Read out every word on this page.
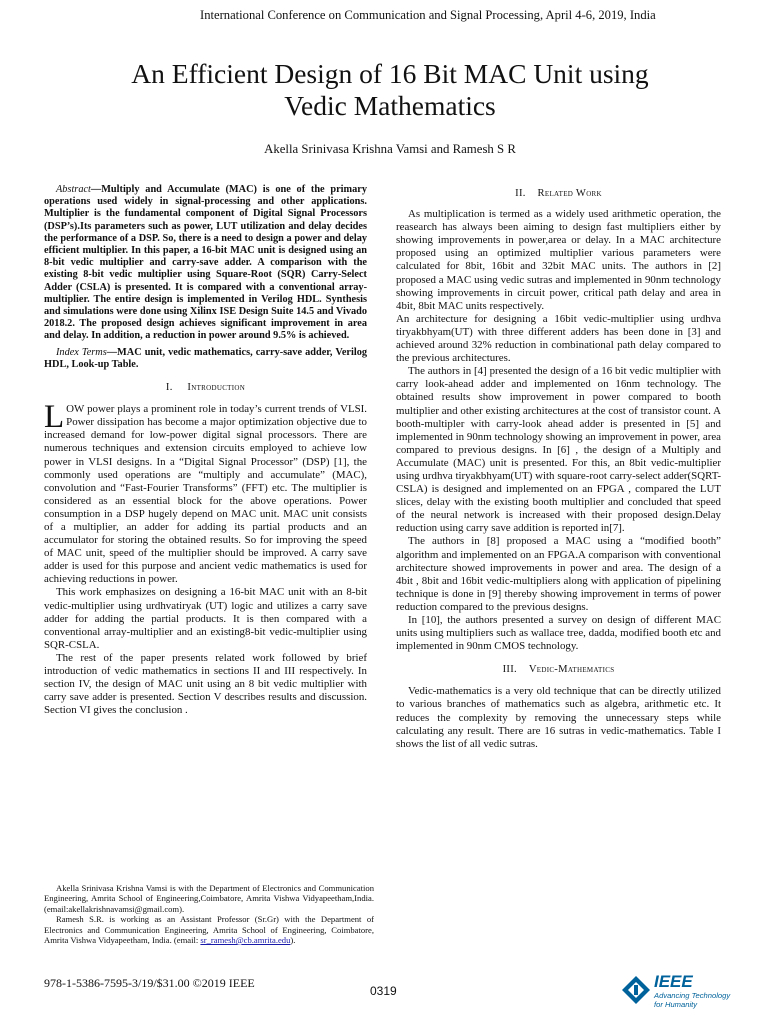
International Conference on Communication and Signal Processing, April 4-6, 2019, India
An Efficient Design of 16 Bit MAC Unit using
Vedic Mathematics
Akella Srinivasa Krishna Vamsi and Ramesh S R

Abstract—Multiply and Accumulate (MAC) is one of the primary operations used widely in signal-processing and other applications. Multiplier is the fundamental component of Digital Signal Processors (DSP’s).Its parameters such as power, LUT utilization and delay decides the performance of a DSP. So, there is a need to design a power and delay efficient multiplier. In this paper, a 16-bit MAC unit is designed using an 8-bit vedic multiplier and carry-save adder. A comparison with the existing 8-bit vedic multiplier using Square-Root (SQR) Carry-Select Adder (CSLA) is presented. It is compared with a conventional array-multiplier. The entire design is implemented in Verilog HDL. Synthesis and simulations were done using Xilinx ISE Design Suite 14.5 and Vivado 2018.2. The proposed design achieves significant improvement in area and delay. In addition, a reduction in power around 9.5% is achieved.

Index Terms—MAC unit, vedic mathematics, carry-save adder, Verilog HDL, Look-up Table.

I. Introduction

LOW power plays a prominent role in today’s current trends of VLSI. Power dissipation has become a major optimization objective due to increased demand for low-power digital signal processors. There are numerous techniques and extension circuits employed to achieve low power in VLSI designs. In a “Digital Signal Processor” (DSP) [1], the commonly used operations are “multiply and accumulate” (MAC), convolution and “Fast-Fourier Transforms” (FFT) etc. The multiplier is considered as an essential block for the above operations. Power consumption in a DSP hugely depend on MAC unit. MAC unit consists of a multiplier, an adder for adding its partial products and an accumulator for storing the obtained results. So for improving the speed of MAC unit, speed of the multiplier should be improved. A carry save adder is used for this purpose and ancient vedic mathematics is used for achieving reductions in power.

This work emphasizes on designing a 16-bit MAC unit with an 8-bit vedic-multiplier using urdhvatiryak (UT) logic and utilizes a carry save adder for adding the partial products. It is then compared with a conventional array-multiplier and an existing8-bit vedic-multiplier using SQR-CSLA.

The rest of the paper presents related work followed by brief introduction of vedic mathematics in sections II and III respectively. In section IV, the design of MAC unit using an 8 bit vedic multiplier with carry save adder is presented. Section V describes results and discussion. Section VI gives the conclusion .

Akella Srinivasa Krishna Vamsi is with the Department of Electronics and Communication Engineering, Amrita School of Engineering,Coimbatore, Amrita Vishwa Vidyapeetham,India. (email:akellakrishnavamsi@gmail.com).

Ramesh S.R. is working as an Assistant Professor (Sr.Gr) with the Department of Electronics and Communication Engineering, Amrita School of Engineering, Coimbatore, Amrita Vishwa Vidyapeetham, India. (email: sr_ramesh@cb.amrita.edu).

II. Related Work

As multiplication is termed as a widely used arithmetic operation, the reasearch has always been aiming to design fast multipliers either by showing improvements in power,area or delay. In a MAC architecture proposed using an optimized multiplier various parameters were calculated for 8bit, 16bit and 32bit MAC units. The authors in [2] proposed a MAC using vedic sutras and implemented in 90nm technology showing improvements in circuit power, critical path delay and area in 4bit, 8bit MAC units respectively.

An architecture for designing a 16bit vedic-multiplier using urdhva tiryakbhyam(UT) with three different adders has been done in [3] and achieved around 32% reduction in combinational path delay compared to the previous architectures.

The authors in [4] presented the design of a 16 bit vedic multiplier with carry look-ahead adder and implemented on 16nm technology. The obtained results show improvement in power compared to booth multiplier and other existing architectures at the cost of transistor count. A booth-multipler with carry-look ahead adder is presented in [5] and implemented in 90nm technology showing an improvement in power, area compared to previous designs. In [6] , the design of a Multiply and Accumulate (MAC) unit is presented. For this, an 8bit vedic-multiplier using urdhva tiryakbhyam(UT) with square-root carry-select adder(SQRT-CSLA) is designed and implemented on an FPGA , compared the LUT slices, delay with the existing booth multiplier and concluded that speed of the neural network is increased with their proposed design.Delay reduction using carry save addition is reported in[7].

The authors in [8] proposed a MAC using a “modified booth” algorithm and implemented on an FPGA.A comparison with conventional architecture showed improvements in power and area. The design of a 4bit , 8bit and 16bit vedic-multipliers along with application of pipelining technique is done in [9] thereby showing improvement in terms of power reduction compared to the previous designs.

In [10], the authors presented a survey on design of different MAC units using multipliers such as wallace tree, dadda, modified booth etc and implemented in 90nm CMOS technology.

III. Vedic-Mathematics

Vedic-mathematics is a very old technique that can be directly utilized to various branches of mathematics such as algebra, arithmetic etc. It reduces the complexity by removing the unnecessary steps while calculating any result. There are 16 sutras in vedic-mathematics. Table I shows the list of all vedic sutras.

978-1-5386-7595-3/19/$31.00 ©2019 IEEE
0319	IEEE
Advancing Technology
for Humanity
